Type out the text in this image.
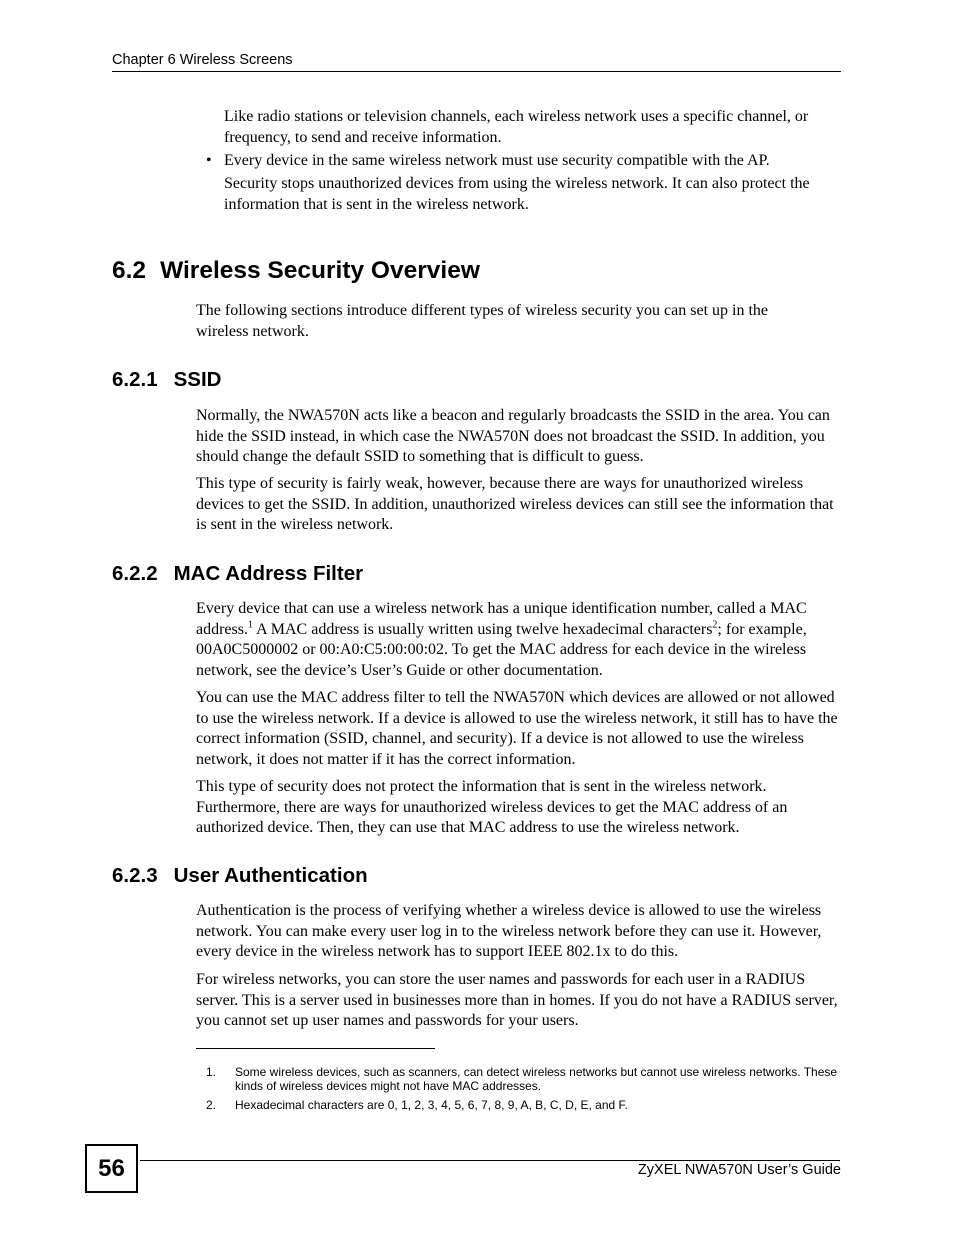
Chapter 6 Wireless Screens

Like radio stations or television channels, each wireless network uses a specific channel, or frequency, to send and receive information.

• Every device in the same wireless network must use security compatible with the AP.

Security stops unauthorized devices from using the wireless network. It can also protect the information that is sent in the wireless network.

6.2 Wireless Security Overview

The following sections introduce different types of wireless security you can set up in the wireless network.

6.2.1 SSID

Normally, the NWA570N acts like a beacon and regularly broadcasts the SSID in the area. You can hide the SSID instead, in which case the NWA570N does not broadcast the SSID. In addition, you should change the default SSID to something that is difficult to guess.

This type of security is fairly weak, however, because there are ways for unauthorized wireless devices to get the SSID. In addition, unauthorized wireless devices can still see the information that is sent in the wireless network.

6.2.2 MAC Address Filter

Every device that can use a wireless network has a unique identification number, called a MAC address.$^1$ A MAC address is usually written using twelve hexadecimal characters$^2$; for example, 00A0C5000002 or 00:A0:C5:00:00:02. To get the MAC address for each device in the wireless network, see the device’s User’s Guide or other documentation.

You can use the MAC address filter to tell the NWA570N which devices are allowed or not allowed to use the wireless network. If a device is allowed to use the wireless network, it still has to have the correct information (SSID, channel, and security). If a device is not allowed to use the wireless network, it does not matter if it has the correct information.

This type of security does not protect the information that is sent in the wireless network. Furthermore, there are ways for unauthorized wireless devices to get the MAC address of an authorized device. Then, they can use that MAC address to use the wireless network.

6.2.3 User Authentication

Authentication is the process of verifying whether a wireless device is allowed to use the wireless network. You can make every user log in to the wireless network before they can use it. However, every device in the wireless network has to support IEEE 802.1x to do this.

For wireless networks, you can store the user names and passwords for each user in a RADIUS server. This is a server used in businesses more than in homes. If you do not have a RADIUS server, you cannot set up user names and passwords for your users.

1. Some wireless devices, such as scanners, can detect wireless networks but cannot use wireless networks. These kinds of wireless devices might not have MAC addresses.
2. Hexadecimal characters are 0, 1, 2, 3, 4, 5, 6, 7, 8, 9, A, B, C, D, E, and F.
56	ZyXEL NWA570N User’s Guide
